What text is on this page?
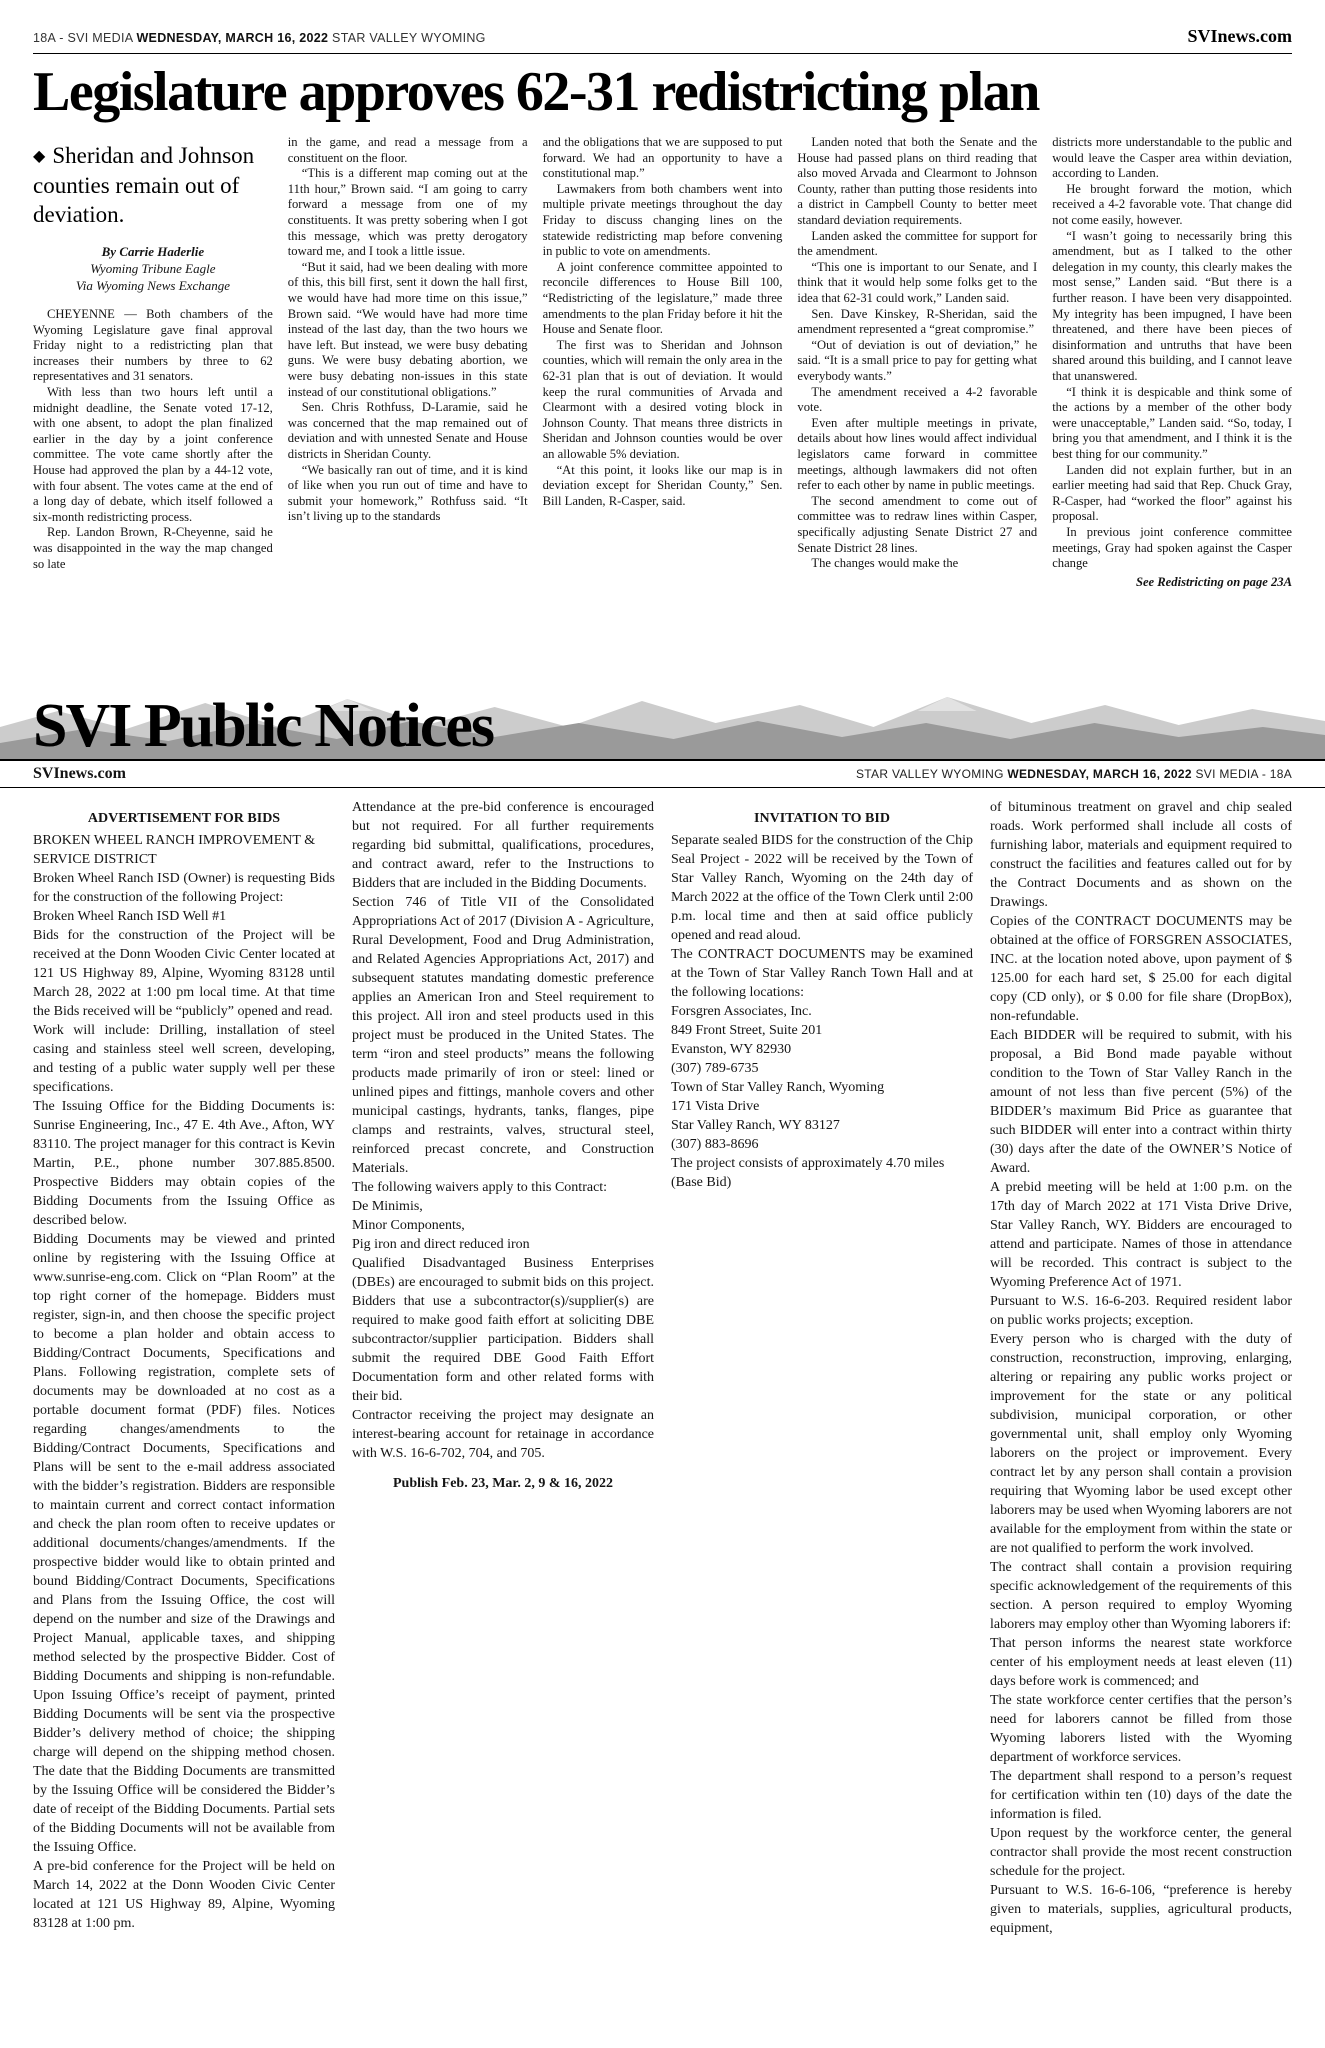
18A - SVI MEDIA WEDNESDAY, MARCH 16, 2022 STAR VALLEY WYOMING	SVInews.com
Legislature approves 62-31 redistricting plan
◆ Sheridan and Johnson counties remain out of deviation.
By Carrie Haderlie
Wyoming Tribune Eagle
Via Wyoming News Exchange

CHEYENNE — Both chambers of the Wyoming Legislature gave final approval Friday night to a redistricting plan that increases their numbers by three to 62 representatives and 31 senators.

With less than two hours left until a midnight deadline, the Senate voted 17-12, with one absent, to adopt the plan finalized earlier in the day by a joint conference committee. The vote came shortly after the House had approved the plan by a 44-12 vote, with four absent. The votes came at the end of a long day of debate, which itself followed a six-month redistricting process.

Rep. Landon Brown, R-Cheyenne, said he was disappointed in the way the map changed so late

in the game, and read a message from a constituent on the floor.

“This is a different map coming out at the 11th hour,” Brown said. “I am going to carry forward a message from one of my constituents. It was pretty sobering when I got this message, which was pretty derogatory toward me, and I took a little issue.

“But it said, had we been dealing with more of this, this bill first, sent it down the hall first, we would have had more time on this issue,” Brown said. “We would have had more time instead of the last day, than the two hours we have left. But instead, we were busy debating guns. We were busy debating abortion, we were busy debating non-issues in this state instead of our constitutional obligations.”

Sen. Chris Rothfuss, D-Laramie, said he was concerned that the map remained out of deviation and with unnested Senate and House districts in Sheridan County.

“We basically ran out of time, and it is kind of like when you run out of time and have to submit your homework,” Rothfuss said. “It isn’t living up to the standards

and the obligations that we are supposed to put forward. We had an opportunity to have a constitutional map.”

Lawmakers from both chambers went into multiple private meetings throughout the day Friday to discuss changing lines on the statewide redistricting map before convening in public to vote on amendments.

A joint conference committee appointed to reconcile differences to House Bill 100, “Redistricting of the legislature,” made three amendments to the plan Friday before it hit the House and Senate floor.

The first was to Sheridan and Johnson counties, which will remain the only area in the 62-31 plan that is out of deviation. It would keep the rural communities of Arvada and Clearmont with a desired voting block in Johnson County. That means three districts in Sheridan and Johnson counties would be over an allowable 5% deviation.

“At this point, it looks like our map is in deviation except for Sheridan County,” Sen. Bill Landen, R-Casper, said.

Landen noted that both the Senate and the House had passed plans on third reading that also moved Arvada and Clearmont to Johnson County, rather than putting those residents into a district in Campbell County to better meet standard deviation requirements.

Landen asked the committee for support for the amendment.

“This one is important to our Senate, and I think that it would help some folks get to the idea that 62-31 could work,” Landen said.

Sen. Dave Kinskey, R-Sheridan, said the amendment represented a “great compromise.”

“Out of deviation is out of deviation,” he said. “It is a small price to pay for getting what everybody wants.”

The amendment received a 4-2 favorable vote.

Even after multiple meetings in private, details about how lines would affect individual legislators came forward in committee meetings, although lawmakers did not often refer to each other by name in public meetings.

The second amendment to come out of committee was to redraw lines within Casper, specifically adjusting Senate District 27 and Senate District 28 lines.

The changes would make the

districts more understandable to the public and would leave the Casper area within deviation, according to Landen.

He brought forward the motion, which received a 4-2 favorable vote. That change did not come easily, however.

“I wasn’t going to necessarily bring this amendment, but as I talked to the other delegation in my county, this clearly makes the most sense,” Landen said. “But there is a further reason. I have been very disappointed. My integrity has been impugned, I have been threatened, and there have been pieces of disinformation and untruths that have been shared around this building, and I cannot leave that unanswered.

“I think it is despicable and think some of the actions by a member of the other body were unacceptable,” Landen said. “So, today, I bring you that amendment, and I think it is the best thing for our community.”

Landen did not explain further, but in an earlier meeting had said that Rep. Chuck Gray, R-Casper, had “worked the floor” against his proposal.

In previous joint conference committee meetings, Gray had spoken against the Casper change

See Redistricting on page 23A

SVI Public Notices
SVInews.com	STAR VALLEY WYOMING WEDNESDAY, MARCH 16, 2022 SVI MEDIA - 18A

ADVERTISEMENT FOR BIDS

BROKEN WHEEL RANCH IMPROVEMENT & SERVICE DISTRICT

Broken Wheel Ranch ISD (Owner) is requesting Bids for the construction of the following Project:

Broken Wheel Ranch ISD Well #1

Bids for the construction of the Project will be received at the Donn Wooden Civic Center located at 121 US Highway 89, Alpine, Wyoming 83128 until March 28, 2022 at 1:00 pm local time. At that time the Bids received will be “publicly” opened and read.

Work will include: Drilling, installation of steel casing and stainless steel well screen, developing, and testing of a public water supply well per these specifications.

The Issuing Office for the Bidding Documents is: Sunrise Engineering, Inc., 47 E. 4th Ave., Afton, WY 83110. The project manager for this contract is Kevin Martin, P.E., phone number 307.885.8500. Prospective Bidders may obtain copies of the Bidding Documents from the Issuing Office as described below.

Bidding Documents may be viewed and printed online by registering with the Issuing Office at www.sunrise-eng.com. Click on “Plan Room” at the top right corner of the homepage. Bidders must register, sign-in, and then choose the specific project to become a plan holder and obtain access to Bidding/Contract Documents, Specifications and Plans. Following registration, complete sets of documents may be downloaded at no cost as a portable document format (PDF) files. Notices regarding changes/amendments to the Bidding/Contract Documents, Specifications and Plans will be sent to the e-mail address associated with the bidder’s registration. Bidders are responsible to maintain current and correct contact information and check the plan room often to receive updates or additional documents/changes/amendments. If the prospective bidder would like to obtain printed and bound Bidding/Contract Documents, Specifications and Plans from the Issuing Office, the cost will depend on the number and size of the Drawings and Project Manual, applicable taxes, and shipping method selected by the prospective Bidder. Cost of Bidding Documents and shipping is non-refundable. Upon Issuing Office’s receipt of payment, printed Bidding Documents will be sent via the prospective Bidder’s delivery method of choice; the shipping charge will depend on the shipping method chosen. The date that the Bidding Documents are transmitted by the Issuing Office will be considered the Bidder’s date of receipt of the Bidding Documents. Partial sets of the Bidding Documents will not be available from the Issuing Office.

A pre-bid conference for the Project will be held on March 14, 2022 at the Donn Wooden Civic Center located at 121 US Highway 89, Alpine, Wyoming 83128 at 1:00 pm.

Attendance at the pre-bid conference is encouraged but not required. For all further requirements regarding bid submittal, qualifications, procedures, and contract award, refer to the Instructions to Bidders that are included in the Bidding Documents.

Section 746 of Title VII of the Consolidated Appropriations Act of 2017 (Division A - Agriculture, Rural Development, Food and Drug Administration, and Related Agencies Appropriations Act, 2017) and subsequent statutes mandating domestic preference applies an American Iron and Steel requirement to this project. All iron and steel products used in this project must be produced in the United States. The term “iron and steel products” means the following products made primarily of iron or steel: lined or unlined pipes and fittings, manhole covers and other municipal castings, hydrants, tanks, flanges, pipe clamps and restraints, valves, structural steel, reinforced precast concrete, and Construction Materials.

The following waivers apply to this Contract:

De Minimis,

Minor Components,

Pig iron and direct reduced iron

Qualified Disadvantaged Business Enterprises (DBEs) are encouraged to submit bids on this project. Bidders that use a subcontractor(s)/supplier(s) are required to make good faith effort at soliciting DBE subcontractor/supplier participation. Bidders shall submit the required DBE Good Faith Effort Documentation form and other related forms with their bid.

Contractor receiving the project may designate an interest-bearing account for retainage in accordance with W.S. 16-6-702, 704, and 705.

Publish Feb. 23, Mar. 2, 9 & 16, 2022

INVITATION TO BID

Separate sealed BIDS for the construction of the Chip Seal Project - 2022 will be received by the Town of Star Valley Ranch, Wyoming on the 24th day of March 2022 at the office of the Town Clerk until 2:00 p.m. local time and then at said office publicly opened and read aloud.

The CONTRACT DOCUMENTS may be examined at the Town of Star Valley Ranch Town Hall and at the following locations:

Forsgren Associates, Inc.

849 Front Street, Suite 201

Evanston, WY 82930

(307) 789-6735

Town of Star Valley Ranch, Wyoming

171 Vista Drive

Star Valley Ranch, WY 83127

(307) 883-8696

The project consists of approximately 4.70 miles (Base Bid)

of bituminous treatment on gravel and chip sealed roads. Work performed shall include all costs of furnishing labor, materials and equipment required to construct the facilities and features called out for by the Contract Documents and as shown on the Drawings.

Copies of the CONTRACT DOCUMENTS may be obtained at the office of FORSGREN ASSOCIATES, INC. at the location noted above, upon payment of $ 125.00 for each hard set, $ 25.00 for each digital copy (CD only), or $ 0.00 for file share (DropBox), non-refundable.

Each BIDDER will be required to submit, with his proposal, a Bid Bond made payable without condition to the Town of Star Valley Ranch in the amount of not less than five percent (5%) of the BIDDER’s maximum Bid Price as guarantee that such BIDDER will enter into a contract within thirty (30) days after the date of the OWNER’S Notice of Award.

A prebid meeting will be held at 1:00 p.m. on the 17th day of March 2022 at 171 Vista Drive Drive, Star Valley Ranch, WY. Bidders are encouraged to attend and participate. Names of those in attendance will be recorded. This contract is subject to the Wyoming Preference Act of 1971.

Pursuant to W.S. 16-6-203. Required resident labor on public works projects; exception.

Every person who is charged with the duty of construction, reconstruction, improving, enlarging, altering or repairing any public works project or improvement for the state or any political subdivision, municipal corporation, or other governmental unit, shall employ only Wyoming laborers on the project or improvement. Every contract let by any person shall contain a provision requiring that Wyoming labor be used except other laborers may be used when Wyoming laborers are not available for the employment from within the state or are not qualified to perform the work involved.

The contract shall contain a provision requiring specific acknowledgement of the requirements of this section. A person required to employ Wyoming laborers may employ other than Wyoming laborers if:

That person informs the nearest state workforce center of his employment needs at least eleven (11) days before work is commenced; and

The state workforce center certifies that the person’s need for laborers cannot be filled from those Wyoming laborers listed with the Wyoming department of workforce services.

The department shall respond to a person’s request for certification within ten (10) days of the date the information is filed.

Upon request by the workforce center, the general contractor shall provide the most recent construction schedule for the project.

Pursuant to W.S. 16-6-106, “preference is hereby given to materials, supplies, agricultural products, equipment,
